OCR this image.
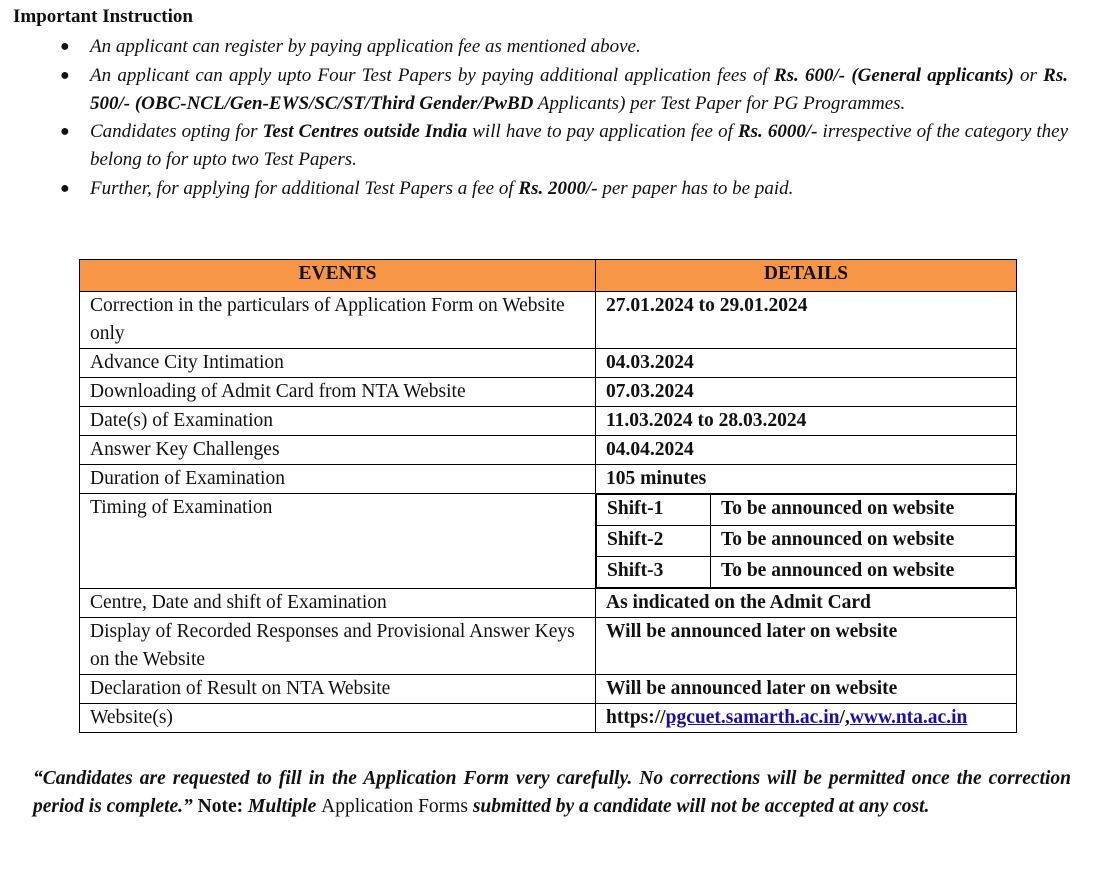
Important Instruction
● An applicant can register by paying application fee as mentioned above.
● An applicant can apply upto Four Test Papers by paying additional application fees of Rs. 600/- (General applicants) or Rs. 500/- (OBC-NCL/Gen-EWS/SC/ST/Third Gender/PwBD Applicants) per Test Paper for PG Programmes.
● Candidates opting for Test Centres outside India will have to pay application fee of Rs. 6000/- irrespective of the category they belong to for upto two Test Papers.
● Further, for applying for additional Test Papers a fee of Rs. 2000/- per paper has to be paid.
EVENTS	DETAILS
Correction in the particulars of Application Form on Website only	27.01.2024 to 29.01.2024
Advance City Intimation	04.03.2024
Downloading of Admit Card from NTA Website	07.03.2024
Date(s) of Examination	11.03.2024 to 28.03.2024
Answer Key Challenges	04.04.2024
Duration of Examination	105 minutes
Timing of Examination		Shift-1	To be announced on website
Shift-2	To be announced on website
Shift-3	To be announced on website

Centre, Date and shift of Examination	As indicated on the Admit Card
Display of Recorded Responses and Provisional Answer Keys on the Website	Will be announced later on website
Declaration of Result on NTA Website	Will be announced later on website
Website(s)	https://pgcuet.samarth.ac.in/,www.nta.ac.in
“Candidates are requested to fill in the Application Form very carefully. No corrections will be permitted once the correction period is complete.” Note: Multiple Application Forms submitted by a candidate will not be accepted at any cost.
